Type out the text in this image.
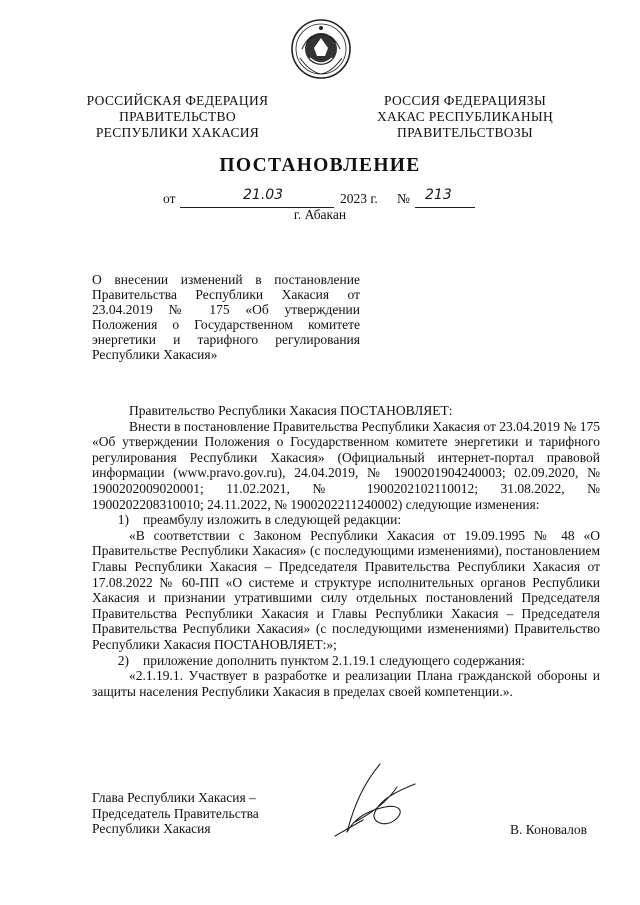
РОССИЙСКАЯ ФЕДЕРАЦИЯ
ПРАВИТЕЛЬСТВО
РЕСПУБЛИКИ ХАКАСИЯ
РОССИЯ ФЕДЕРАЦИЯЗЫ
ХАКАС РЕСПУБЛИКАНЫҢ
ПРАВИТЕЛЬСТВОЗЫ
ПОСТАНОВЛЕНИЕ
от	21.03	2023 г. № 213
г. Абакан
О внесении изменений в постановление Правительства Республики Хакасия от 23.04.2019 № 175 «Об утверждении Положения о Государственном комитете энергетики и тарифного регулирования Республики Хакасия»

Правительство Республики Хакасия ПОСТАНОВЛЯЕТ:

Внести в постановление Правительства Республики Хакасия от 23.04.2019 № 175 «Об утверждении Положения о Государственном комитете энергетики и тарифного регулирования Республики Хакасия» (Официальный интернет-портал правовой информации (www.pravo.gov.ru), 24.04.2019, № 1900201904240003; 02.09.2020, № 1900202009020001; 11.02.2021, № 1900202102110012; 31.08.2022, № 1900202208310010; 24.11.2022, № 1900202211240002) следующие изменения:

1)	преамбулу изложить в следующей редакции:

«В соответствии с Законом Республики Хакасия от 19.09.1995 № 48 «О Правительстве Республики Хакасия» (с последующими изменениями), постановлением Главы Республики Хакасия – Председателя Правительства Республики Хакасия от 17.08.2022 № 60-ПП «О системе и структуре исполнительных органов Республики Хакасия и признании утратившими силу отдельных постановлений Председателя Правительства Республики Хакасия и Главы Республики Хакасия – Председателя Правительства Республики Хакасия» (с последующими изменениями) Правительство Республики Хакасия ПОСТАНОВЛЯЕТ:»;

2)	приложение дополнить пунктом 2.1.19.1 следующего содержания:

«2.1.19.1. Участвует в разработке и реализации Плана гражданской обороны и защиты населения Республики Хакасия в пределах своей компетенции.».

Глава Республики Хакасия –
Председатель Правительства
Республики Хакасия	В. Коновалов
